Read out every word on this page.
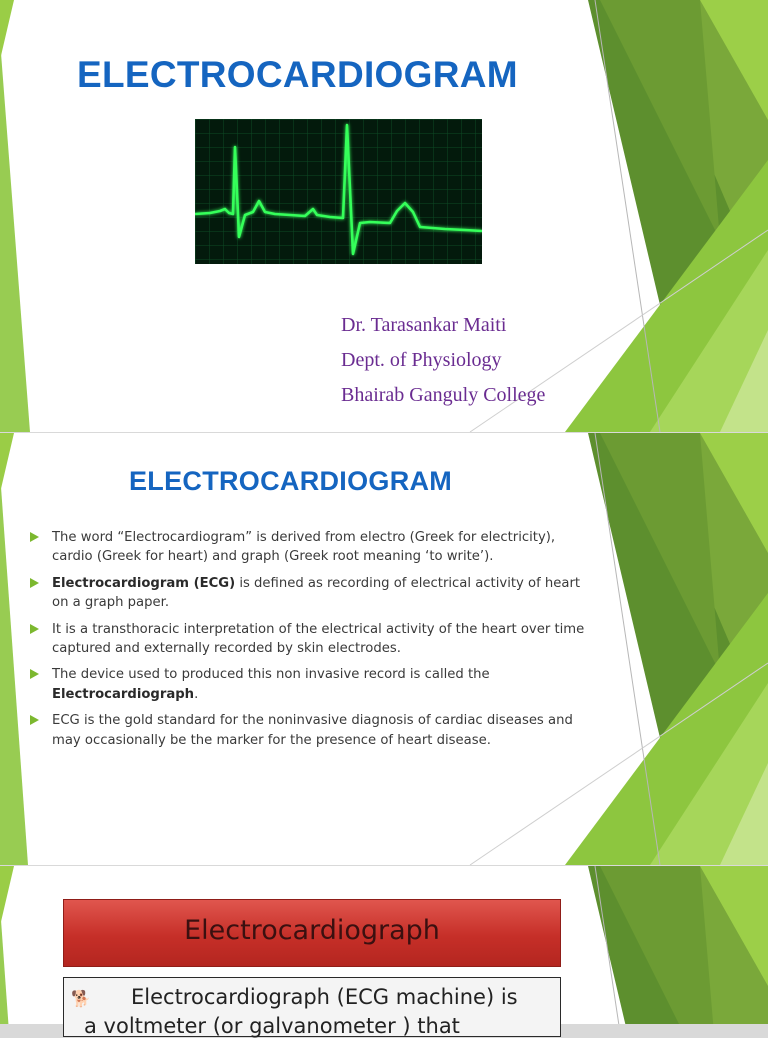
ELECTROCARDIOGRAM
Dr. Tarasankar Maiti
Dept. of Physiology
Bhairab Ganguly College
ELECTROCARDIOGRAM
The word “Electrocardiogram” is derived from electro (Greek for electricity), cardio (Greek for heart) and graph (Greek root meaning ‘to write’).
Electrocardiogram (ECG) is defined as recording of electrical activity of heart on a graph paper.
It is a transthoracic interpretation of the electrical activity of the heart over time captured and externally recorded by skin electrodes.
The device used to produced this non invasive record is called the Electrocardiograph.
ECG is the gold standard for the noninvasive diagnosis of cardiac diseases and may occasionally be the marker for the presence of heart disease.
Electrocardiograph
🐕 Electrocardiograph (ECG machine) is
a voltmeter (or galvanometer ) that
